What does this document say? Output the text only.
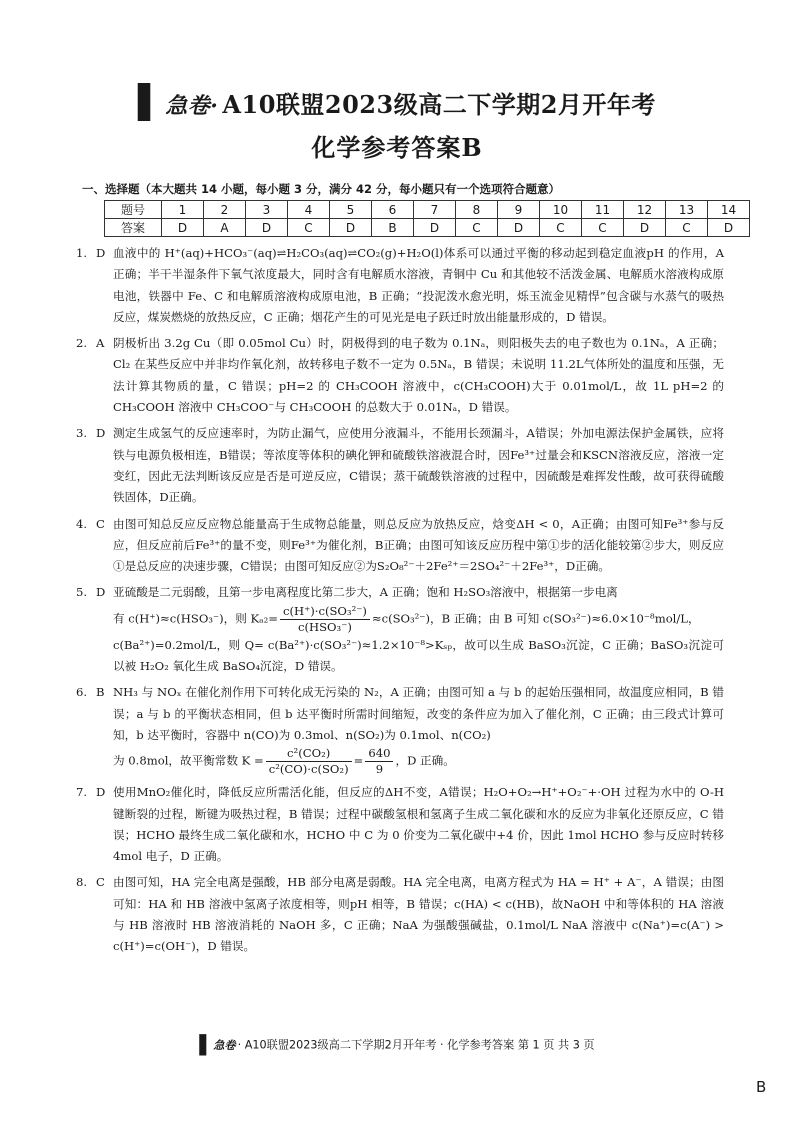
▌急卷· A10联盟2023级高二下学期2月开年考
化学参考答案B
一、选择题（本大题共 14 小题，每小题 3 分，满分 42 分，每小题只有一个选项符合题意）
题号	1	2	3	4	5	6	7	8	9	10	11	12	13	14
答案	D	A	D	C	D	B	D	C	D	C	C	D	C	D
1. D 血液中的 H⁺(aq)+HCO₃⁻(aq)⇌H₂CO₃(aq)⇌CO₂(g)+H₂O(l)体系可以通过平衡的移动起到稳定血液pH 的作用，A 正确；半干半湿条件下氧气浓度最大，同时含有电解质水溶液，青铜中 Cu 和其他较不活泼金属、电解质水溶液构成原电池，铁器中 Fe、C 和电解质溶液构成原电池，B 正确；“投泥泼水愈光明，烁玉流金见精悍”包含碳与水蒸气的吸热反应，煤炭燃烧的放热反应，C 正确；烟花产生的可见光是电子跃迁时放出能量形成的，D 错误。
2. A 阴极析出 3.2g Cu（即 0.05mol Cu）时，阴极得到的电子数为 0.1Nₐ，则阳极失去的电子数也为 0.1Nₐ，A 正确；Cl₂ 在某些反应中并非均作氧化剂，故转移电子数不一定为 0.5Nₐ，B 错误；未说明 11.2L气体所处的温度和压强，无法计算其物质的量，C 错误；pH=2 的 CH₃COOH 溶液中，c(CH₃COOH)大于 0.01mol/L，故 1L pH=2 的 CH₃COOH 溶液中 CH₃COO⁻与 CH₃COOH 的总数大于 0.01Nₐ，D 错误。
3. D 测定生成氢气的反应速率时，为防止漏气，应使用分液漏斗，不能用长颈漏斗，A错误；外加电源法保护金属铁，应将铁与电源负极相连，B错误；等浓度等体积的碘化钾和硫酸铁溶液混合时，因Fe³⁺过量会和KSCN溶液反应，溶液一定变红，因此无法判断该反应是否是可逆反应，C错误；蒸干硫酸铁溶液的过程中，因硫酸是难挥发性酸，故可获得硫酸铁固体，D正确。
4. C 由图可知总反应反应物总能量高于生成物总能量，则总反应为放热反应，焓变ΔH < 0，A正确；由图可知Fe³⁺参与反应，但反应前后Fe³⁺的量不变，则Fe³⁺为催化剂，B正确；由图可知该反应历程中第①步的活化能较第②步大，则反应①是总反应的决速步骤，C错误；由图可知反应②为S₂O₈²⁻＋2Fe²⁺＝2SO₄²⁻＋2Fe³⁺，D正确。
5. D 亚硫酸是二元弱酸，且第一步电离程度比第二步大，A 正确；饱和 H₂SO₃溶液中，根据第一步电离
有 c(H⁺)≈c(HSO₃⁻)，则 $K_{a2}= \frac{\text{c(H⁺)·c(SO₃²⁻)}}{\text{c(HSO₃⁻)}} \approx c(SO_3^{2-})$，B 正确；由 B 可知 c(SO₃²⁻)≈6.0×10⁻⁸mol/L，
c(Ba²⁺)=0.2mol/L，则 Q= c(Ba²⁺)·c(SO₃²⁻)≈1.2×10⁻⁸>Kₛₚ，故可以生成 BaSO₃沉淀，C 正确；BaSO₃沉淀可以被 H₂O₂ 氧化生成 BaSO₄沉淀，D 错误。
6. B NH₃ 与 NOₓ 在催化剂作用下可转化成无污染的 N₂，A 正确；由图可知 a 与 b 的起始压强相同，故温度应相同，B 错误；a 与 b 的平衡状态相同，但 b 达平衡时所需时间缩短，改变的条件应为加入了催化剂，C 正确；由三段式计算可知，b 达平衡时，容器中 n(CO)为 0.3mol、n(SO₂)为 0.1mol、n(CO₂)
为 0.8mol，故平衡常数 $K = \frac{\text{c²(CO₂)}}{\text{c²(CO)·c(SO₂)}} = \frac{640}{9}$ ，D 正确。
7. D 使用MnO₂催化时，降低反应所需活化能，但反应的ΔH不变，A错误；H₂O+O₂→H⁺+O₂⁻+·OH 过程为水中的 O-H 键断裂的过程，断键为吸热过程，B 错误；过程中碳酸氢根和氢离子生成二氧化碳和水的反应为非氧化还原反应，C 错误；HCHO 最终生成二氧化碳和水，HCHO 中 C 为 0 价变为二氧化碳中+4 价，因此 1mol HCHO 参与反应时转移 4mol 电子，D 正确。
8. C 由图可知，HA 完全电离是强酸，HB 部分电离是弱酸。HA 完全电离，电离方程式为 HA = H⁺ + A⁻，A 错误；由图可知：HA 和 HB 溶液中氢离子浓度相等，则pH 相等，B 错误；c(HA) < c(HB)，故NaOH 中和等体积的 HA 溶液与 HB 溶液时 HB 溶液消耗的 NaOH 多，C 正确；NaA 为强酸强碱盐，0.1mol/L NaA 溶液中 c(Na⁺)=c(A⁻) > c(H⁺)=c(OH⁻)，D 错误。
▌急卷 · A10联盟2023级高二下学期2月开年考 · 化学参考答案 第 1 页 共 3 页
B
